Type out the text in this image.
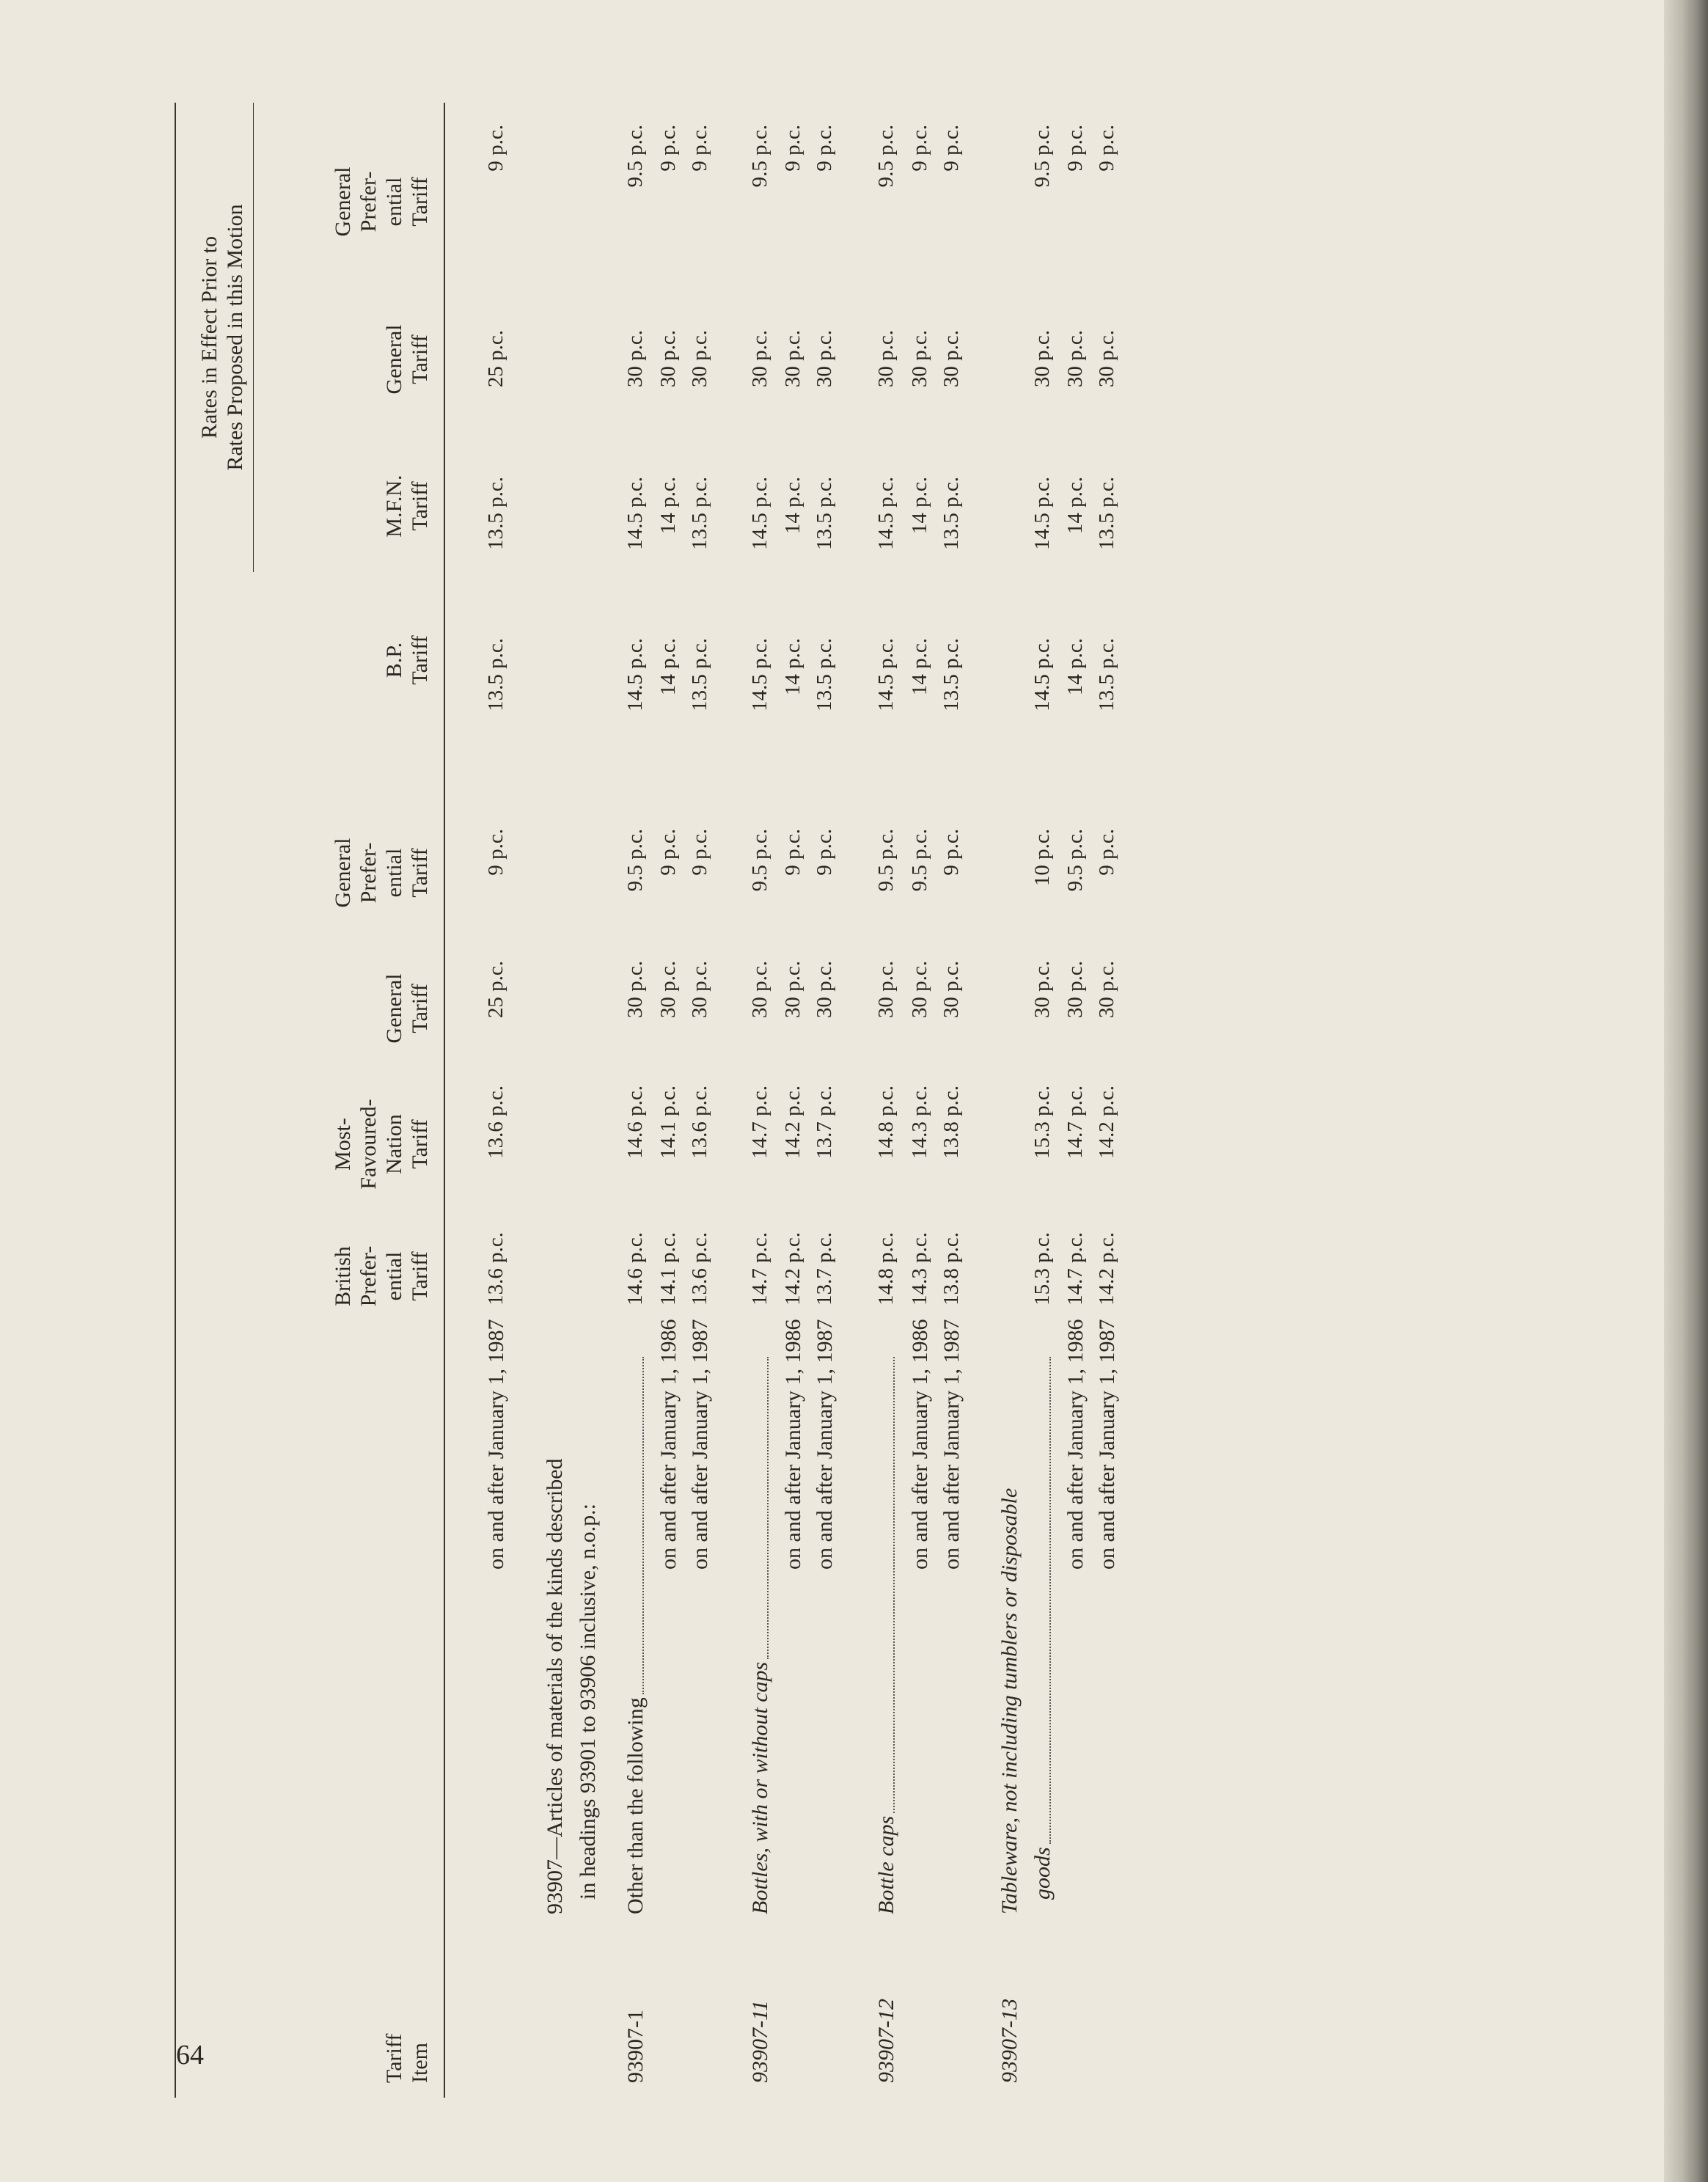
64	Tariff Item
British Prefer- ential Tariff
Most- Favoured- Nation Tariff
General Tariff
General Prefer- ential Tariff
Rates in Effect Prior to Rates Proposed in this Motion
B.P. Tariff
M.F.N. Tariff
General Tariff
General Prefer- ential Tariff
on and after January 1, 1987
13.6 p.c.
13.6 p.c.
25 p.c.
9 p.c.
13.5 p.c.
13.5 p.c.
25 p.c.
9 p.c.
93907—Articles of materials of the kinds described in headings 93901 to 93906 inclusive, n.o.p.:
93907-1
Other than the following
14.6 p.c.
14.6 p.c.
30 p.c.
9.5 p.c.
14.5 p.c.
14.5 p.c.
30 p.c.
9.5 p.c.
on and after January 1, 1986
14.1 p.c.
14.1 p.c.
30 p.c.
9 p.c.
14 p.c.
14 p.c.
30 p.c.
9 p.c.
on and after January 1, 1987
13.6 p.c.
13.6 p.c.
30 p.c.
9 p.c.
13.5 p.c.
13.5 p.c.
30 p.c.
9 p.c.
93907-11
Bottles, with or without caps
14.7 p.c.
14.7 p.c.
30 p.c.
9.5 p.c.
14.5 p.c.
14.5 p.c.
30 p.c.
9.5 p.c.
on and after January 1, 1986
14.2 p.c.
14.2 p.c.
30 p.c.
9 p.c.
14 p.c.
14 p.c.
30 p.c.
9 p.c.
on and after January 1, 1987
13.7 p.c.
13.7 p.c.
30 p.c.
9 p.c.
13.5 p.c.
13.5 p.c.
30 p.c.
9 p.c.
93907-12
Bottle caps
14.8 p.c.
14.8 p.c.
30 p.c.
9.5 p.c.
14.5 p.c.
14.5 p.c.
30 p.c.
9.5 p.c.
on and after January 1, 1986
14.3 p.c.
14.3 p.c.
30 p.c.
9.5 p.c.
14 p.c.
14 p.c.
30 p.c.
9 p.c.
on and after January 1, 1987
13.8 p.c.
13.8 p.c.
30 p.c.
9 p.c.
13.5 p.c.
13.5 p.c.
30 p.c.
9 p.c.
93907-13
Tableware, not including tumblers or disposable goods
15.3 p.c.
15.3 p.c.
30 p.c.
10 p.c.
14.5 p.c.
14.5 p.c.
30 p.c.
9.5 p.c.
on and after January 1, 1986
14.7 p.c.
14.7 p.c.
30 p.c.
9.5 p.c.
14 p.c.
14 p.c.
30 p.c.
9 p.c.
on and after January 1, 1987
14.2 p.c.
14.2 p.c.
30 p.c.
9 p.c.
13.5 p.c.
13.5 p.c.
30 p.c.
9 p.c.
